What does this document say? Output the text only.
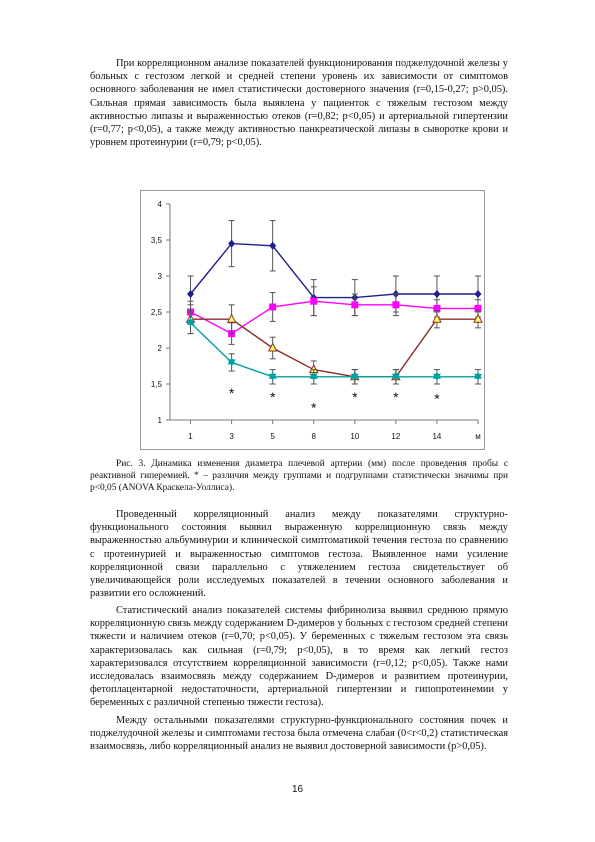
При корреляционном анализе показателей функционирования поджелудочной железы у больных с гестозом легкой и средней степени уровень их зависимости от симптомов основного заболевания не имел статистически достоверного значения (r=0,15-0,27; p>0,05). Сильная прямая зависимость была выявлена у пациенток с тяжелым гестозом между активностью липазы и выраженностью отеков (r=0,82; p<0,05) и артериальной гипертензии (r=0,77; p<0,05), а также между активностью панкреатической липазы в сыворотке крови и уровнем протеинурии (r=0,79; p<0,05).

1
1,5
2
2,5
3
3,5
4
1	3	5	8	10	12	14	м
*	*
*
*	*	*

Рис. 3. Динамика изменения диаметра плечевой артерии (мм) после проведения пробы с реактивной гиперемией. * – различия между группами и подгруппами статистически значимы при p<0,05 (ANOVA Краскела-Уоллиса).

Проведенный корреляционный анализ между показателями структурно-функционального состояния выявил выраженную корреляционную связь между выраженностью альбуминурии и клинической симптоматикой течения гестоза по сравнению с протеинурией и выраженностью симптомов гестоза. Выявленное нами усиление корреляционной связи параллельно с утяжелением гестоза свидетельствует об увеличивающейся роли исследуемых показателей в течении основного заболевания и развитии его осложнений.

Статистический анализ показателей системы фибринолиза выявил среднюю прямую корреляционную связь между содержанием D-димеров у больных с гестозом средней степени тяжести и наличием отеков (r=0,70; p<0,05). У беременных с тяжелым гестозом эта связь характеризовалась как сильная (r=0,79; p<0,05), в то время как легкий гестоз характеризовался отсутствием корреляционной зависимости (r=0,12; p<0,05). Также нами исследовалась взаимосвязь между содержанием D-димеров и развитием протеинурии, фетоплацентарной недостаточности, артериальной гипертензии и гипопротеинемии у беременных с различной степенью тяжести гестоза).

Между остальными показателями структурно-функционального состояния почек и поджелудочной железы и симптомами гестоза была отмечена слабая (0<r<0,2) статистическая взаимосвязь, либо корреляционный анализ не выявил достоверной зависимости (p>0,05).

16
